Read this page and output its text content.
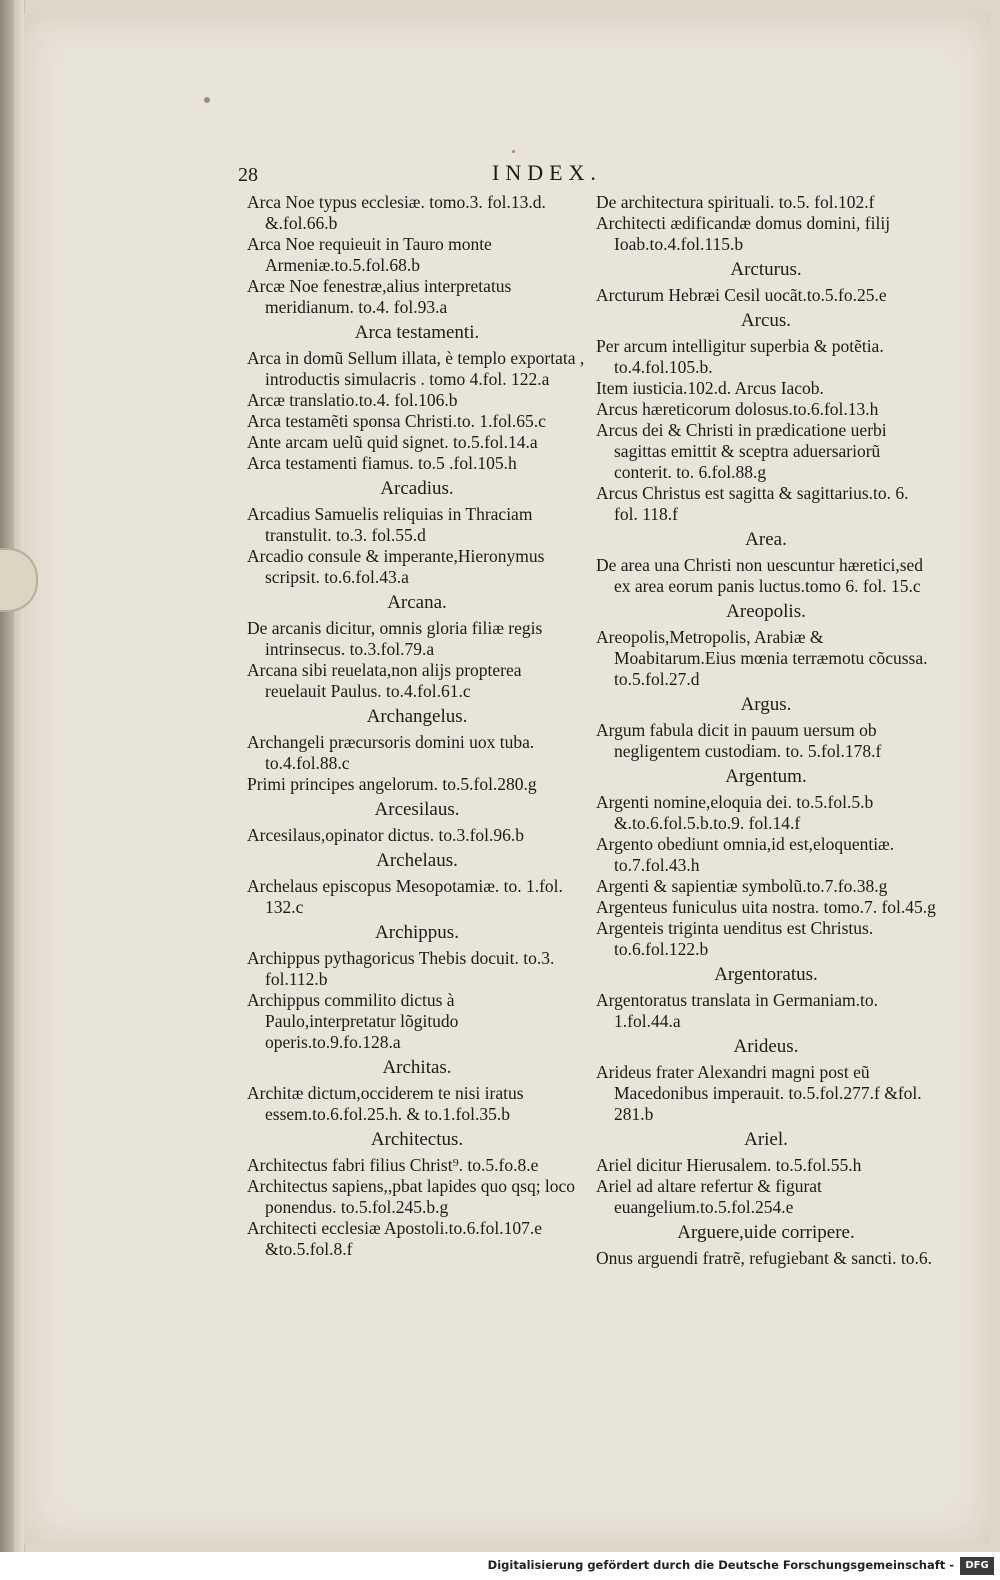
28	INDEX.
Arca Noe typus ecclesiæ. tomo.3. fol.13.d. &.fol.66.b
Arca Noe requieuit in Tauro monte Armeniæ.to.5.fol.68.b
Arcæ Noe fenestræ,alius interpretatus meridianum. to.4. fol.93.a
Arca testamenti.
Arca in domũ Sellum illata, è templo exportata , introductis simulacris . tomo 4.fol. 122.a
Arcæ translatio.to.4. fol.106.b
Arca testamẽti sponsa Christi.to. 1.fol.65.c
Ante arcam uelũ quid signet. to.5.fol.14.a
Arca testamenti fiamus. to.5 .fol.105.h
Arcadius.
Arcadius Samuelis reliquias in Thraciam transtulit. to.3. fol.55.d
Arcadio consule & imperante,Hieronymus scripsit. to.6.fol.43.a
Arcana.
De arcanis dicitur, omnis gloria filiæ regis intrinsecus. to.3.fol.79.a
Arcana sibi reuelata,non alijs propterea reuelauit Paulus. to.4.fol.61.c
Archangelus.
Archangeli præcursoris domini uox tuba. to.4.fol.88.c
Primi principes angelorum. to.5.fol.280.g
Arcesilaus.
Arcesilaus,opinator dictus. to.3.fol.96.b
Archelaus.
Archelaus episcopus Mesopotamiæ. to. 1.fol. 132.c
Archippus.
Archippus pythagoricus Thebis docuit. to.3. fol.112.b
Archippus commilito dictus à Paulo,interpretatur lõgitudo operis.to.9.fo.128.a
Architas.
Architæ dictum,occiderem te nisi iratus essem.to.6.fol.25.h. & to.1.fol.35.b
Architectus.
Architectus fabri filius Christ⁹. to.5.fo.8.e
Architectus sapiens,,pbat lapides quo qsq; loco ponendus. to.5.fol.245.b.g
Architecti ecclesiæ Apostoli.to.6.fol.107.e &to.5.fol.8.f
De architectura spirituali. to.5. fol.102.f
Architecti ædificandæ domus domini, filij Ioab.to.4.fol.115.b
Arcturus.
Arcturum Hebræi Cesil uocãt.to.5.fo.25.e
Arcus.
Per arcum intelligitur superbia & potẽtia. to.4.fol.105.b.
Item iusticia.102.d. Arcus Iacob.
Arcus hæreticorum dolosus.to.6.fol.13.h
Arcus dei & Christi in prædicatione uerbi sagittas emittit & sceptra aduersariorũ conterit. to. 6.fol.88.g
Arcus Christus est sagitta & sagittarius.to. 6. fol. 118.f
Area.
De area una Christi non uescuntur hæretici,sed ex area eorum panis luctus.tomo 6. fol. 15.c
Areopolis.
Areopolis,Metropolis, Arabiæ & Moabitarum.Eius mœnia terræmotu cõcussa. to.5.fol.27.d
Argus.
Argum fabula dicit in pauum uersum ob negligentem custodiam. to. 5.fol.178.f
Argentum.
Argenti nomine,eloquia dei. to.5.fol.5.b &.to.6.fol.5.b.to.9. fol.14.f
Argento obediunt omnia,id est,eloquentiæ. to.7.fol.43.h
Argenti & sapientiæ symbolũ.to.7.fo.38.g
Argenteus funiculus uita nostra. tomo.7. fol.45.g
Argenteis triginta uenditus est Christus. to.6.fol.122.b
Argentoratus.
Argentoratus translata in Germaniam.to. 1.fol.44.a
Arideus.
Arideus frater Alexandri magni post eũ Macedonibus imperauit. to.5.fol.277.f &fol. 281.b
Ariel.
Ariel dicitur Hierusalem. to.5.fol.55.h
Ariel ad altare refertur & figurat euangelium.to.5.fol.254.e
Arguere,uide corripere.
Onus arguendi fratrẽ, refugiebant & sancti. to.6.
Digitalisierung gefördert durch die Deutsche Forschungsgemeinschaft -	DFG
